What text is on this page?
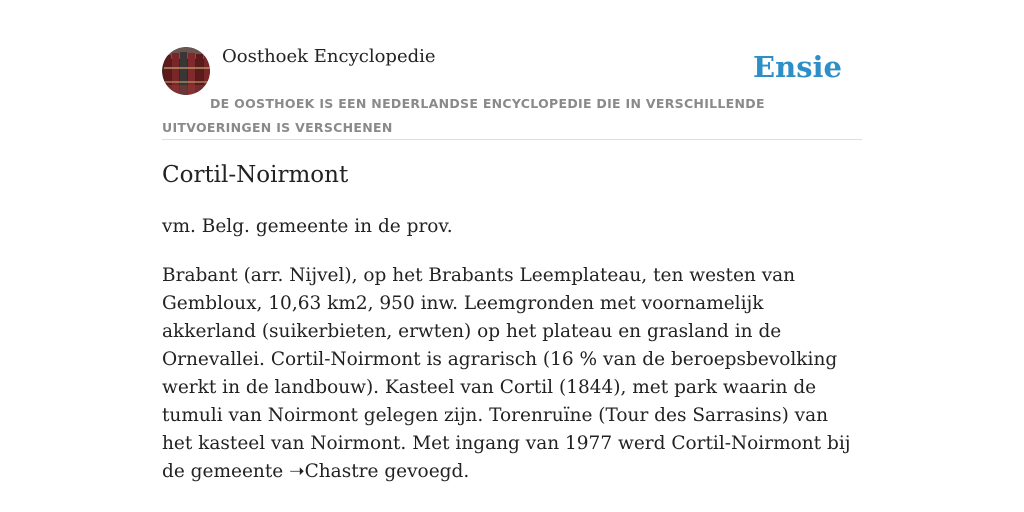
Oosthoek Encyclopedie	Ensie

DE OOSTHOEK IS EEN NEDERLANDSE ENCYCLOPEDIE DIE IN VERSCHILLENDE UITVOERINGEN IS VERSCHENEN

Cortil-Noirmont

vm. Belg. gemeente in de prov.

Brabant (arr. Nijvel), op het Brabants Leemplateau, ten westen van Gembloux, 10,63 km2, 950 inw. Leemgronden met voornamelijk akkerland (suikerbieten, erwten) op het plateau en grasland in de Ornevallei. Cortil-Noirmont is agrarisch (16 % van de beroepsbevolking werkt in de landbouw). Kasteel van Cortil (1844), met park waarin de tumuli van Noirmont gelegen zijn. Torenruïne (Tour des Sarrasins) van het kasteel van Noirmont. Met ingang van 1977 werd Cortil-Noirmont bij de gemeente ➝Chastre gevoegd.
